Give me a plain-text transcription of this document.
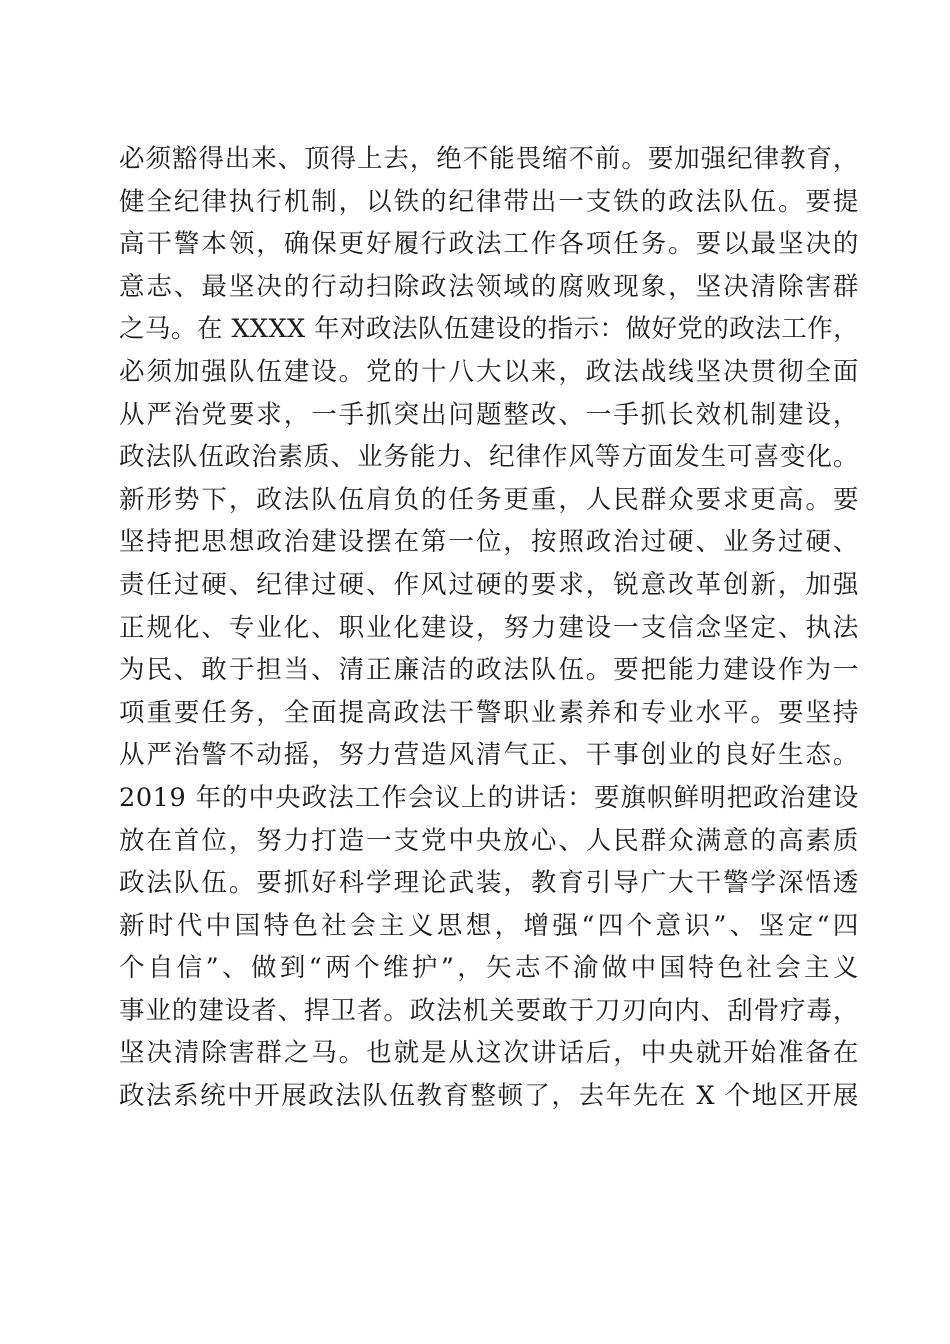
必须豁得出来、顶得上去，绝不能畏缩不前。要加强纪律教育，
健全纪律执行机制，以铁的纪律带出一支铁的政法队伍。要提
高干警本领，确保更好履行政法工作各项任务。要以最坚决的
意志、最坚决的行动扫除政法领域的腐败现象，坚决清除害群
之马。在 XXXX 年对政法队伍建设的指示：做好党的政法工作，
必须加强队伍建设。党的十八大以来，政法战线坚决贯彻全面
从严治党要求，一手抓突出问题整改、一手抓长效机制建设，
政法队伍政治素质、业务能力、纪律作风等方面发生可喜变化。
新形势下，政法队伍肩负的任务更重，人民群众要求更高。要
坚持把思想政治建设摆在第一位，按照政治过硬、业务过硬、
责任过硬、纪律过硬、作风过硬的要求，锐意改革创新，加强
正规化、专业化、职业化建设，努力建设一支信念坚定、执法
为民、敢于担当、清正廉洁的政法队伍。要把能力建设作为一
项重要任务，全面提高政法干警职业素养和专业水平。要坚持
从严治警不动摇，努力营造风清气正、干事创业的良好生态。
2019 年的中央政法工作会议上的讲话：要旗帜鲜明把政治建设
放在首位，努力打造一支党中央放心、人民群众满意的高素质
政法队伍。要抓好科学理论武装，教育引导广大干警学深悟透
新时代中国特色社会主义思想，增强“四个意识”、坚定“四
个自信”、做到“两个维护”，矢志不渝做中国特色社会主义
事业的建设者、捍卫者。政法机关要敢于刀刃向内、刮骨疗毒，
坚决清除害群之马。也就是从这次讲话后，中央就开始准备在
政法系统中开展政法队伍教育整顿了，去年先在 X 个地区开展
